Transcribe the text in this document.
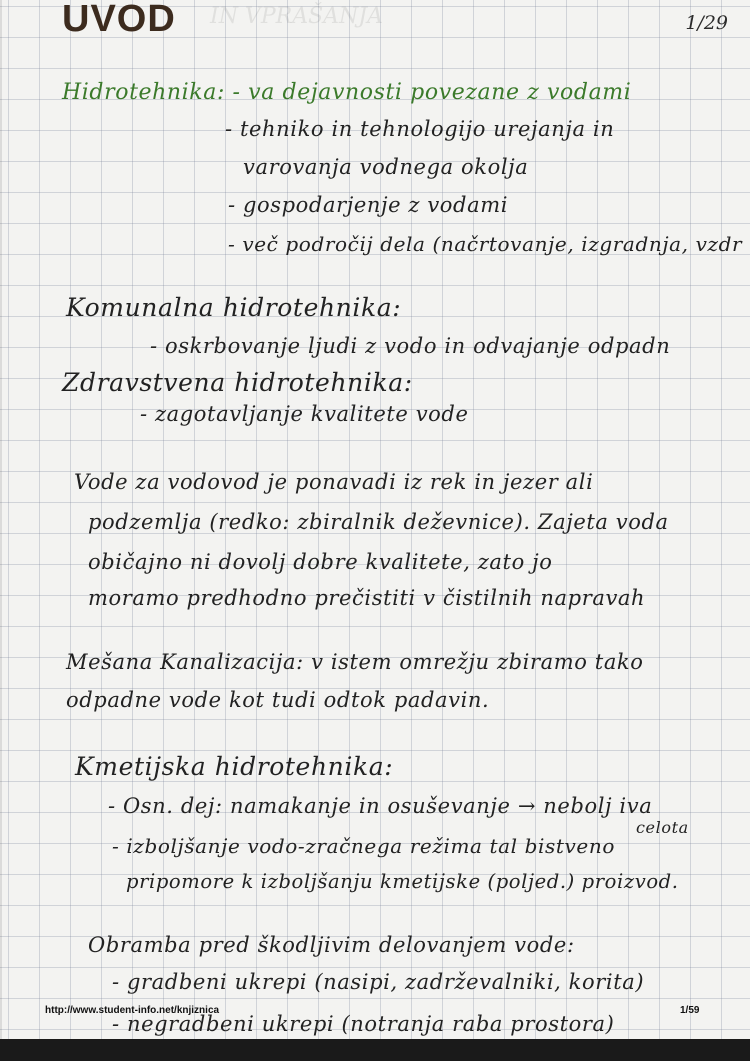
IN VPRAŠANJA
UVOD	1/29
Hidrotehnika: - va dejavnosti povezane z vodami
- tehniko in tehnologijo urejanja in
varovanja vodnega okolja
- gospodarjenje z vodami
- več področij dela (načrtovanje, izgradnja, vzdr
Komunalna hidrotehnika:
- oskrbovanje ljudi z vodo in odvajanje odpadn
Zdravstvena hidrotehnika:
- zagotavljanje kvalitete vode
Vode za vodovod je ponavadi iz rek in jezer ali
podzemlja (redko: zbiralnik deževnice). Zajeta voda
običajno ni dovolj dobre kvalitete, zato jo
moramo predhodno prečistiti v čistilnih napravah
Mešana Kanalizacija: v istem omrežju zbiramo tako
odpadne vode kot tudi odtok padavin.
Kmetijska hidrotehnika:
- Osn. dej: namakanje in osuševanje → nebolj iva
celota
- izboljšanje vodo-zračnega režima tal bistveno
pripomore k izboljšanju kmetijske (poljed.) proizvod.
Obramba pred škodljivim delovanjem vode:
- gradbeni ukrepi (nasipi, zadrževalniki, korita)
- negradbeni ukrepi (notranja raba prostora)
http://www.student-info.net/knjiznica	1/59
